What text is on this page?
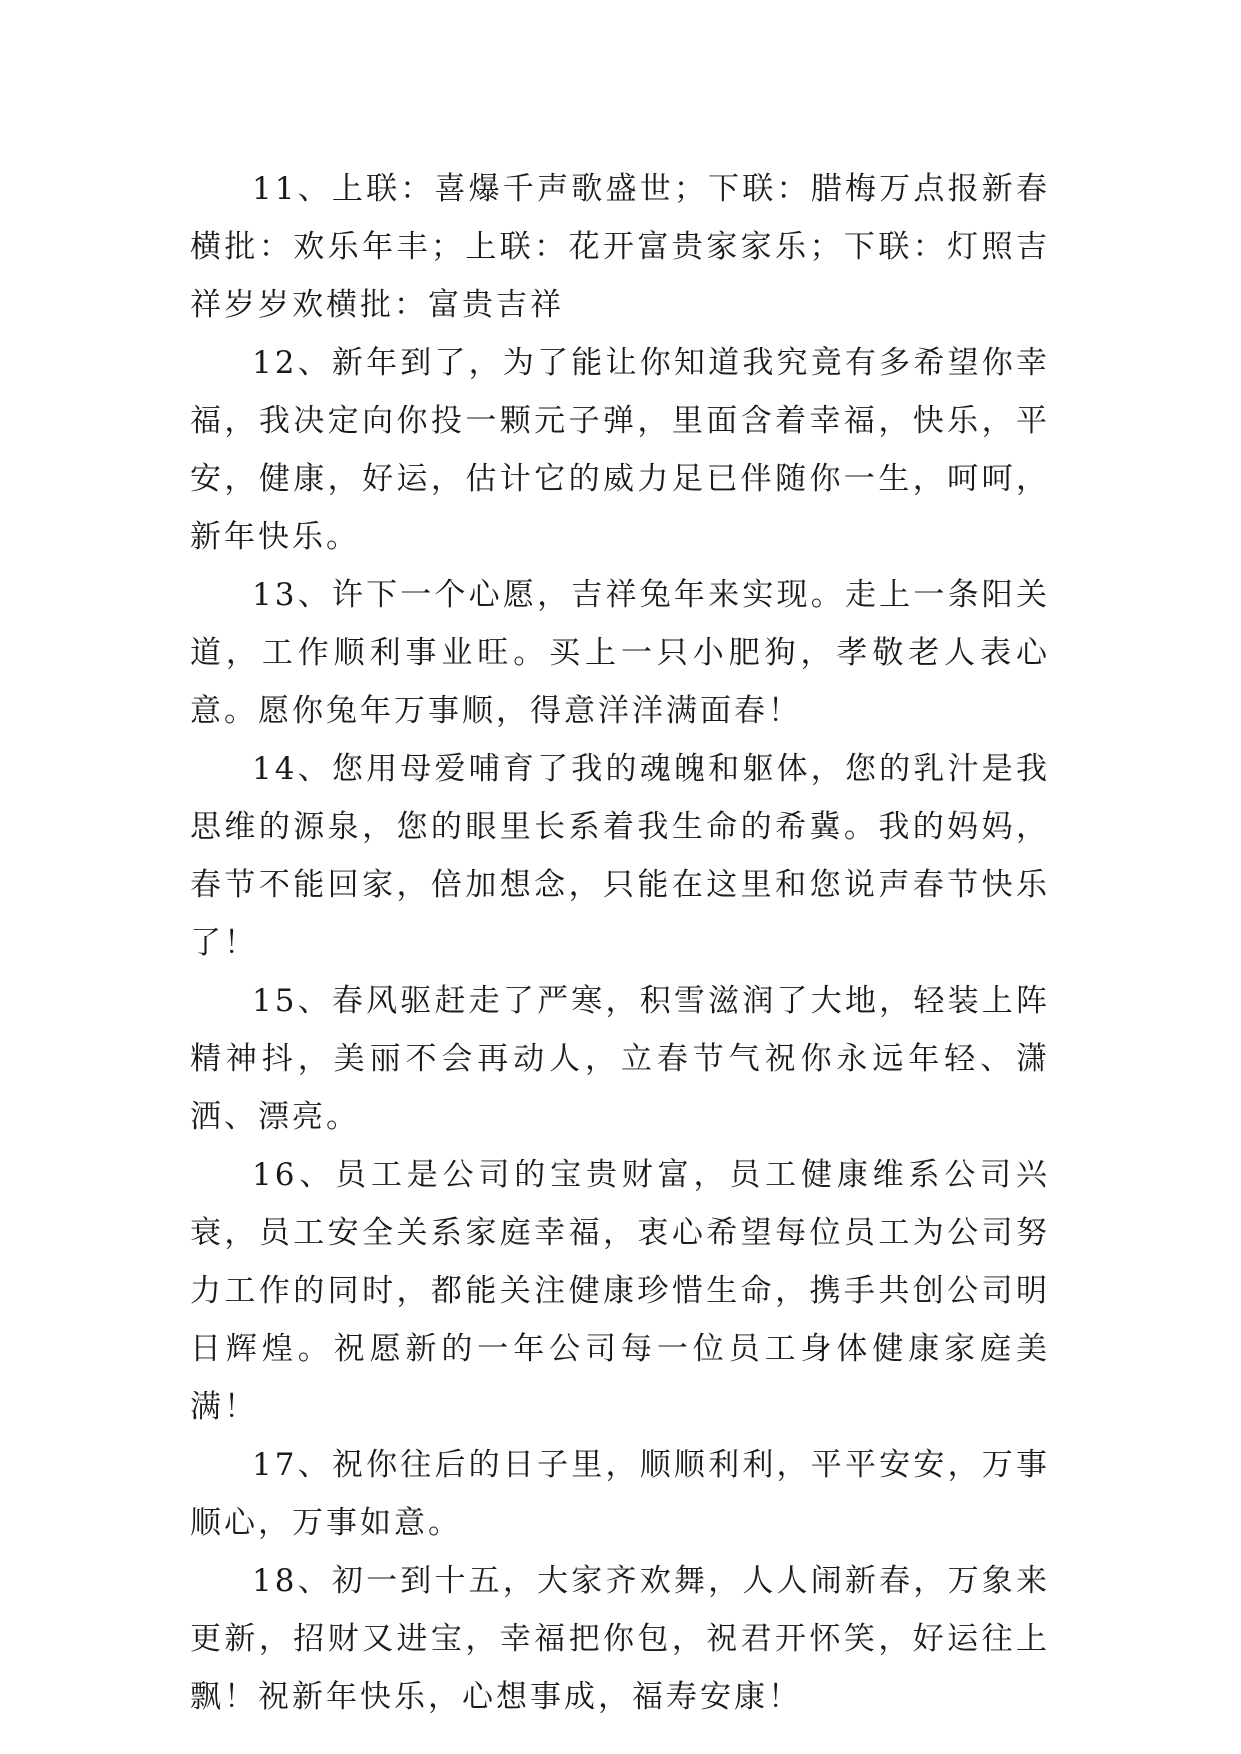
11、上联：喜爆千声歌盛世；下联：腊梅万点报新春横批：欢乐年丰；上联：花开富贵家家乐；下联：灯照吉祥岁岁欢横批：富贵吉祥

12、新年到了，为了能让你知道我究竟有多希望你幸福，我决定向你投一颗元子弹，里面含着幸福，快乐，平安，健康，好运，估计它的威力足已伴随你一生，呵呵，新年快乐。

13、许下一个心愿，吉祥兔年来实现。走上一条阳关道，工作顺利事业旺。买上一只小肥狗，孝敬老人表心意。愿你兔年万事顺，得意洋洋满面春！

14、您用母爱哺育了我的魂魄和躯体，您的乳汁是我思维的源泉，您的眼里长系着我生命的希冀。我的妈妈，春节不能回家，倍加想念，只能在这里和您说声春节快乐了！

15、春风驱赶走了严寒，积雪滋润了大地，轻装上阵精神抖，美丽不会再动人，立春节气祝你永远年轻、潇洒、漂亮。

16、员工是公司的宝贵财富，员工健康维系公司兴衰，员工安全关系家庭幸福，衷心希望每位员工为公司努力工作的同时，都能关注健康珍惜生命，携手共创公司明日辉煌。祝愿新的一年公司每一位员工身体健康家庭美满！

17、祝你往后的日子里，顺顺利利，平平安安，万事顺心，万事如意。

18、初一到十五，大家齐欢舞，人人闹新春，万象来更新，招财又进宝，幸福把你包，祝君开怀笑，好运往上飘！祝新年快乐，心想事成，福寿安康！
